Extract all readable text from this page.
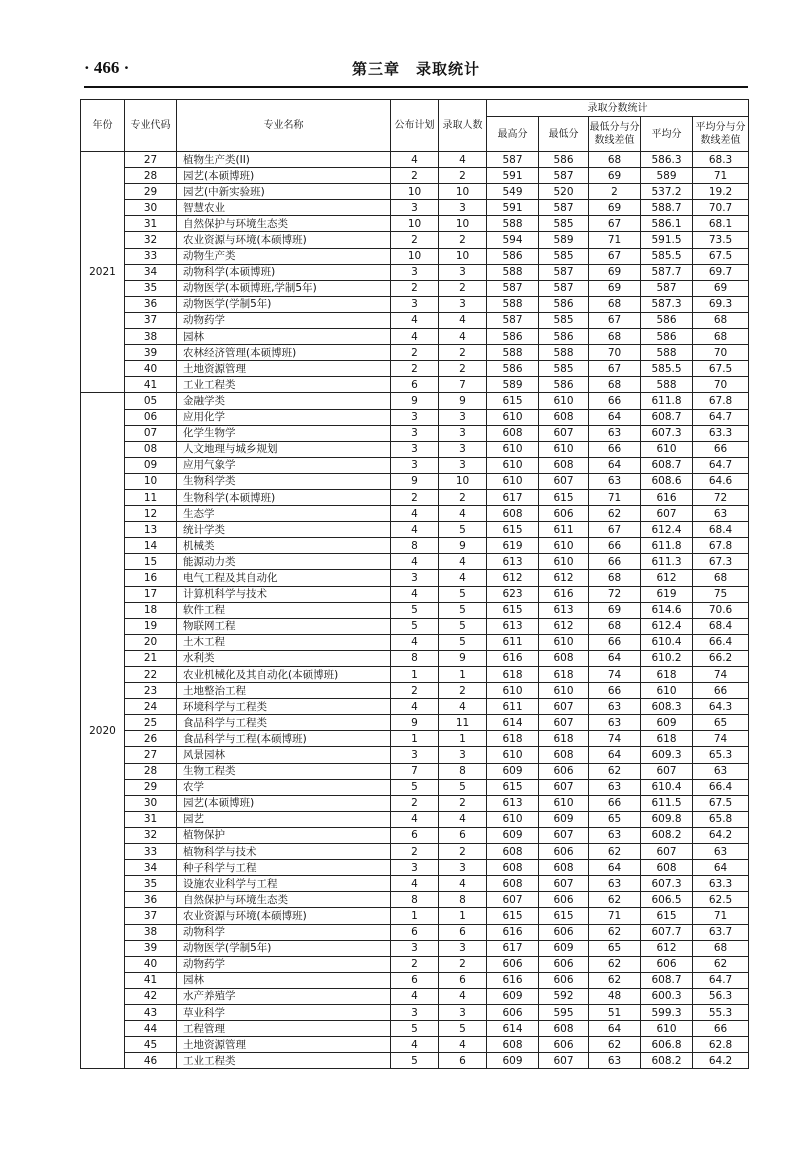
· 466 ·	第三章　录取统计
年份	专业代码	专业名称	公布计划	录取人数	录取分数统计				
					最高分	最低分	最低分与分数线差值	平均分	平均分与分数线差值
2021	27	植物生产类(II)	4	4	587	586	68	586.3	68.3
	28	园艺(本硕博班)	2	2	591	587	69	589	71
	29	园艺(中新实验班)	10	10	549	520	2	537.2	19.2
	30	智慧农业	3	3	591	587	69	588.7	70.7
	31	自然保护与环境生态类	10	10	588	585	67	586.1	68.1
	32	农业资源与环境(本硕博班)	2	2	594	589	71	591.5	73.5
	33	动物生产类	10	10	586	585	67	585.5	67.5
	34	动物科学(本硕博班)	3	3	588	587	69	587.7	69.7
	35	动物医学(本硕博班,学制5年)	2	2	587	587	69	587	69
	36	动物医学(学制5年)	3	3	588	586	68	587.3	69.3
	37	动物药学	4	4	587	585	67	586	68
	38	园林	4	4	586	586	68	586	68
	39	农林经济管理(本硕博班)	2	2	588	588	70	588	70
	40	土地资源管理	2	2	586	585	67	585.5	67.5
	41	工业工程类	6	7	589	586	68	588	70
2020	05	金融学类	9	9	615	610	66	611.8	67.8
	06	应用化学	3	3	610	608	64	608.7	64.7
	07	化学生物学	3	3	608	607	63	607.3	63.3
	08	人文地理与城乡规划	3	3	610	610	66	610	66
	09	应用气象学	3	3	610	608	64	608.7	64.7
	10	生物科学类	9	10	610	607	63	608.6	64.6
	11	生物科学(本硕博班)	2	2	617	615	71	616	72
	12	生态学	4	4	608	606	62	607	63
	13	统计学类	4	5	615	611	67	612.4	68.4
	14	机械类	8	9	619	610	66	611.8	67.8
	15	能源动力类	4	4	613	610	66	611.3	67.3
	16	电气工程及其自动化	3	4	612	612	68	612	68
	17	计算机科学与技术	4	5	623	616	72	619	75
	18	软件工程	5	5	615	613	69	614.6	70.6
	19	物联网工程	5	5	613	612	68	612.4	68.4
	20	土木工程	4	5	611	610	66	610.4	66.4
	21	水利类	8	9	616	608	64	610.2	66.2
	22	农业机械化及其自动化(本硕博班)	1	1	618	618	74	618	74
	23	土地整治工程	2	2	610	610	66	610	66
	24	环境科学与工程类	4	4	611	607	63	608.3	64.3
	25	食品科学与工程类	9	11	614	607	63	609	65
	26	食品科学与工程(本硕博班)	1	1	618	618	74	618	74
	27	风景园林	3	3	610	608	64	609.3	65.3
	28	生物工程类	7	8	609	606	62	607	63
	29	农学	5	5	615	607	63	610.4	66.4
	30	园艺(本硕博班)	2	2	613	610	66	611.5	67.5
	31	园艺	4	4	610	609	65	609.8	65.8
	32	植物保护	6	6	609	607	63	608.2	64.2
	33	植物科学与技术	2	2	608	606	62	607	63
	34	种子科学与工程	3	3	608	608	64	608	64
	35	设施农业科学与工程	4	4	608	607	63	607.3	63.3
	36	自然保护与环境生态类	8	8	607	606	62	606.5	62.5
	37	农业资源与环境(本硕博班)	1	1	615	615	71	615	71
	38	动物科学	6	6	616	606	62	607.7	63.7
	39	动物医学(学制5年)	3	3	617	609	65	612	68
	40	动物药学	2	2	606	606	62	606	62
	41	园林	6	6	616	606	62	608.7	64.7
	42	水产养殖学	4	4	609	592	48	600.3	56.3
	43	草业科学	3	3	606	595	51	599.3	55.3
	44	工程管理	5	5	614	608	64	610	66
	45	土地资源管理	4	4	608	606	62	606.8	62.8
	46	工业工程类	5	6	609	607	63	608.2	64.2
